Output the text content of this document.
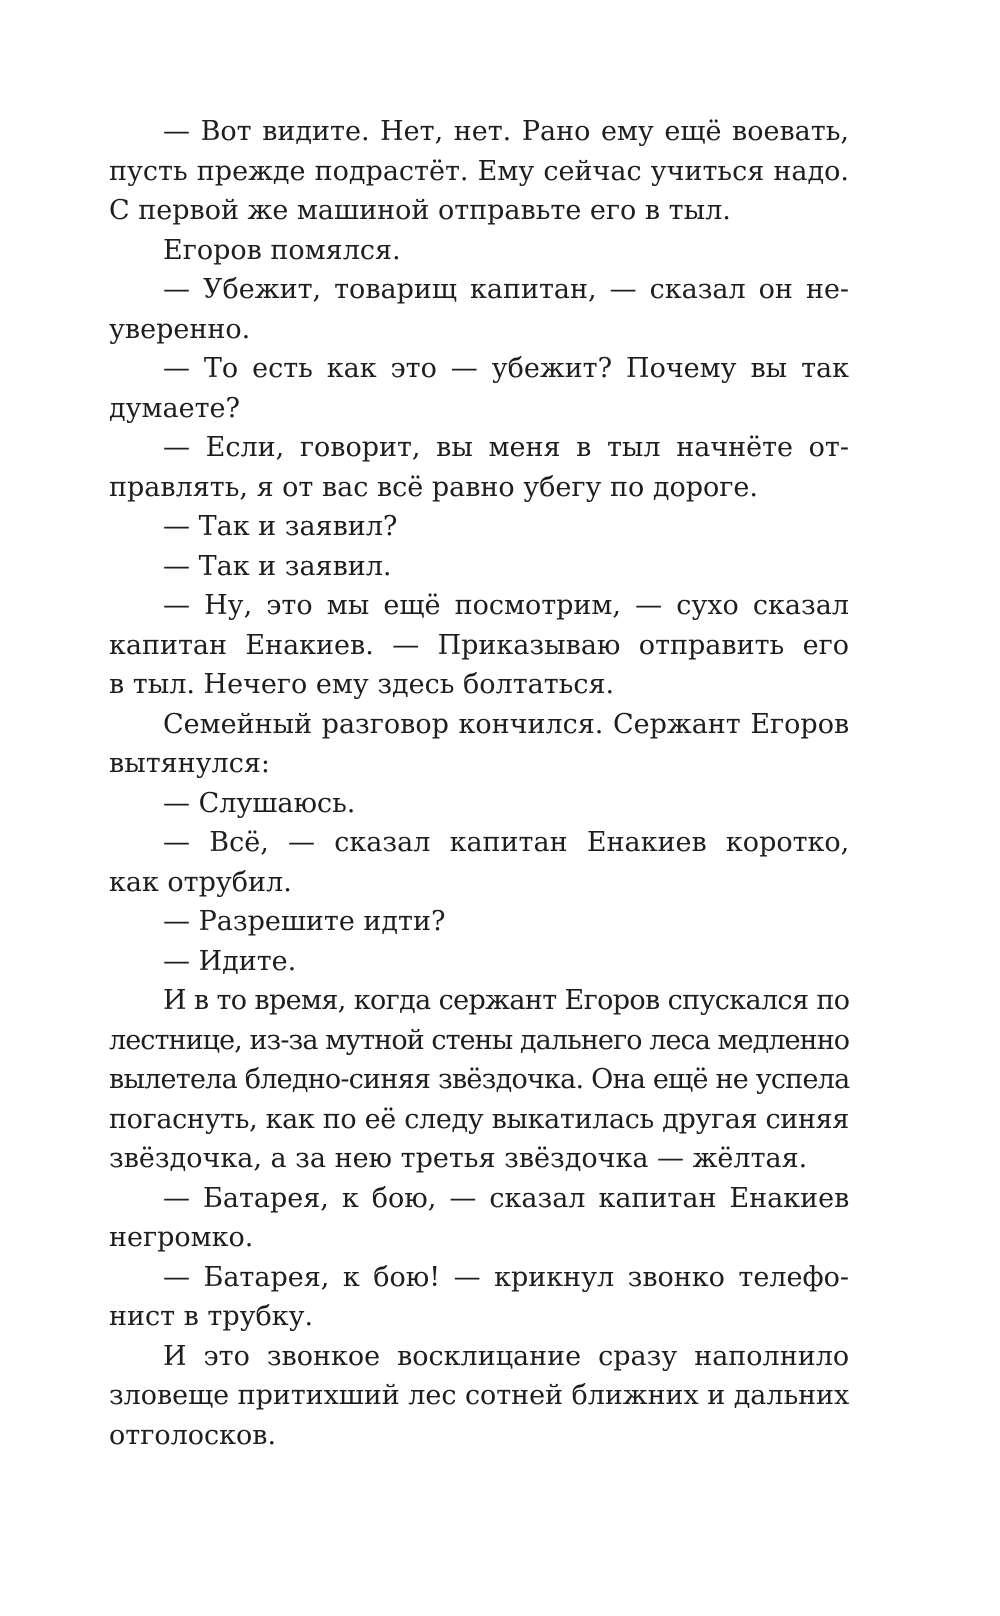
— Вот видите. Нет, нет. Рано ему ещё воевать,
пусть прежде подрастёт. Ему сейчас учиться надо.
С первой же машиной отправьте его в тыл.
Егоров помялся.
— Убежит, товарищ капитан, — сказал он не-
уверенно.
— То есть как это — убежит? Почему вы так
думаете?
— Если, говорит, вы меня в тыл начнёте от-
правлять, я от вас всё равно убегу по дороге.
— Так и заявил?
— Так и заявил.
— Ну, это мы ещё посмотрим, — сухо сказал
капитан Енакиев. — Приказываю отправить его
в тыл. Нечего ему здесь болтаться.
Семейный разговор кончился. Сержант Егоров
вытянулся:
— Слушаюсь.
— Всё, — сказал капитан Енакиев коротко,
как отрубил.
— Разрешите идти?
— Идите.
И в то время, когда сержант Егоров спускался по
лестнице, из-за мутной стены дальнего леса медленно
вылетела бледно-синяя звёздочка. Она ещё не успела
погаснуть, как по её следу выкатилась другая синяя
звёздочка, а за нею третья звёздочка — жёлтая.
— Батарея, к бою, — сказал капитан Енакиев
негромко.
— Батарея, к бою! — крикнул звонко телефо-
нист в трубку.
И это звонкое восклицание сразу наполнило
зловеще притихший лес сотней ближних и дальних
отголосков.
